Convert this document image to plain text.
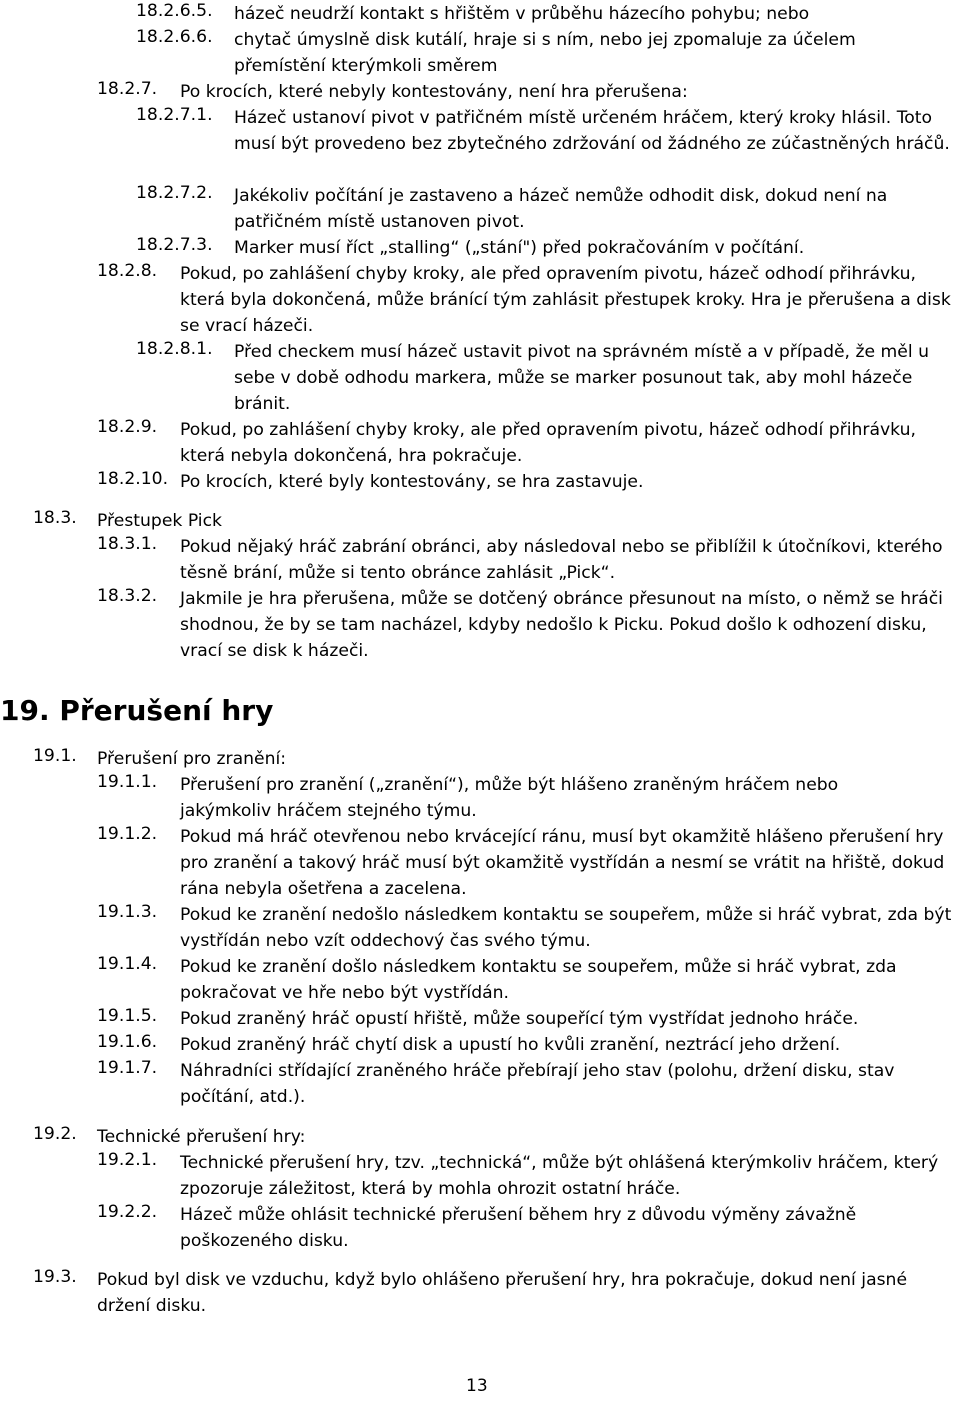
18.2.6.5. házeč neudrží kontakt s hřištěm v průběhu házecího pohybu; nebo
18.2.6.6. chytač úmyslně disk kutálí, hraje si s ním, nebo jej zpomaluje za účelem přemístění kterýmkoli směrem
18.2.7. Po krocích, které nebyly kontestovány, není hra přerušena:
18.2.7.1. Házeč ustanoví pivot v patřičném místě určeném hráčem, který kroky hlásil. Toto musí být provedeno bez zbytečného zdržování od žádného ze zúčastněných hráčů.
18.2.7.2. Jakékoliv počítání je zastaveno a házeč nemůže odhodit disk, dokud není na patřičném místě ustanoven pivot.
18.2.7.3. Marker musí říct „stalling“ („stání") před pokračováním v počítání.
18.2.8. Pokud, po zahlášení chyby kroky, ale před opravením pivotu, házeč odhodí přihrávku, která byla dokončená, může bránící tým zahlásit přestupek kroky. Hra je přerušena a disk se vrací házeči.
18.2.8.1. Před checkem musí házeč ustavit pivot na správném místě a v případě, že měl u sebe v době odhodu markera, může se marker posunout tak, aby mohl házeče bránit.
18.2.9. Pokud, po zahlášení chyby kroky, ale před opravením pivotu, házeč odhodí přihrávku, která nebyla dokončená, hra pokračuje.
18.2.10. Po krocích, které byly kontestovány, se hra zastavuje.
18.3. Přestupek Pick
18.3.1. Pokud nějaký hráč zabrání obránci, aby následoval nebo se přiblížil k útočníkovi, kterého těsně brání, může si tento obránce zahlásit „Pick“.
18.3.2. Jakmile je hra přerušena, může se dotčený obránce přesunout na místo, o němž se hráči shodnou, že by se tam nacházel, kdyby nedošlo k Picku. Pokud došlo k odhození disku, vrací se disk k házeči.
19. Přerušení hry
19.1. Přerušení pro zranění:
19.1.1. Přerušení pro zranění („zranění“), může být hlášeno zraněným hráčem nebo jakýmkoliv hráčem stejného týmu.
19.1.2. Pokud má hráč otevřenou nebo krvácející ránu, musí byt okamžitě hlášeno přerušení hry pro zranění a takový hráč musí být okamžitě vystřídán a nesmí se vrátit na hřiště, dokud rána nebyla ošetřena a zacelena.
19.1.3. Pokud ke zranění nedošlo následkem kontaktu se soupeřem, může si hráč vybrat, zda být vystřídán nebo vzít oddechový čas svého týmu.
19.1.4. Pokud ke zranění došlo následkem kontaktu se soupeřem, může si hráč vybrat, zda pokračovat ve hře nebo být vystřídán.
19.1.5. Pokud zraněný hráč opustí hřiště, může soupeřící tým vystřídat jednoho hráče.
19.1.6. Pokud zraněný hráč chytí disk a upustí ho kvůli zranění, neztrácí jeho držení.
19.1.7. Náhradníci střídající zraněného hráče přebírají jeho stav (polohu, držení disku, stav počítání, atd.).
19.2. Technické přerušení hry:
19.2.1. Technické přerušení hry, tzv. „technická“, může být ohlášená kterýmkoliv hráčem, který zpozoruje záležitost, která by mohla ohrozit ostatní hráče.
19.2.2. Házeč může ohlásit technické přerušení během hry z důvodu výměny závažně poškozeného disku.
19.3. Pokud byl disk ve vzduchu, když bylo ohlášeno přerušení hry, hra pokračuje, dokud není jasné držení disku.
13
